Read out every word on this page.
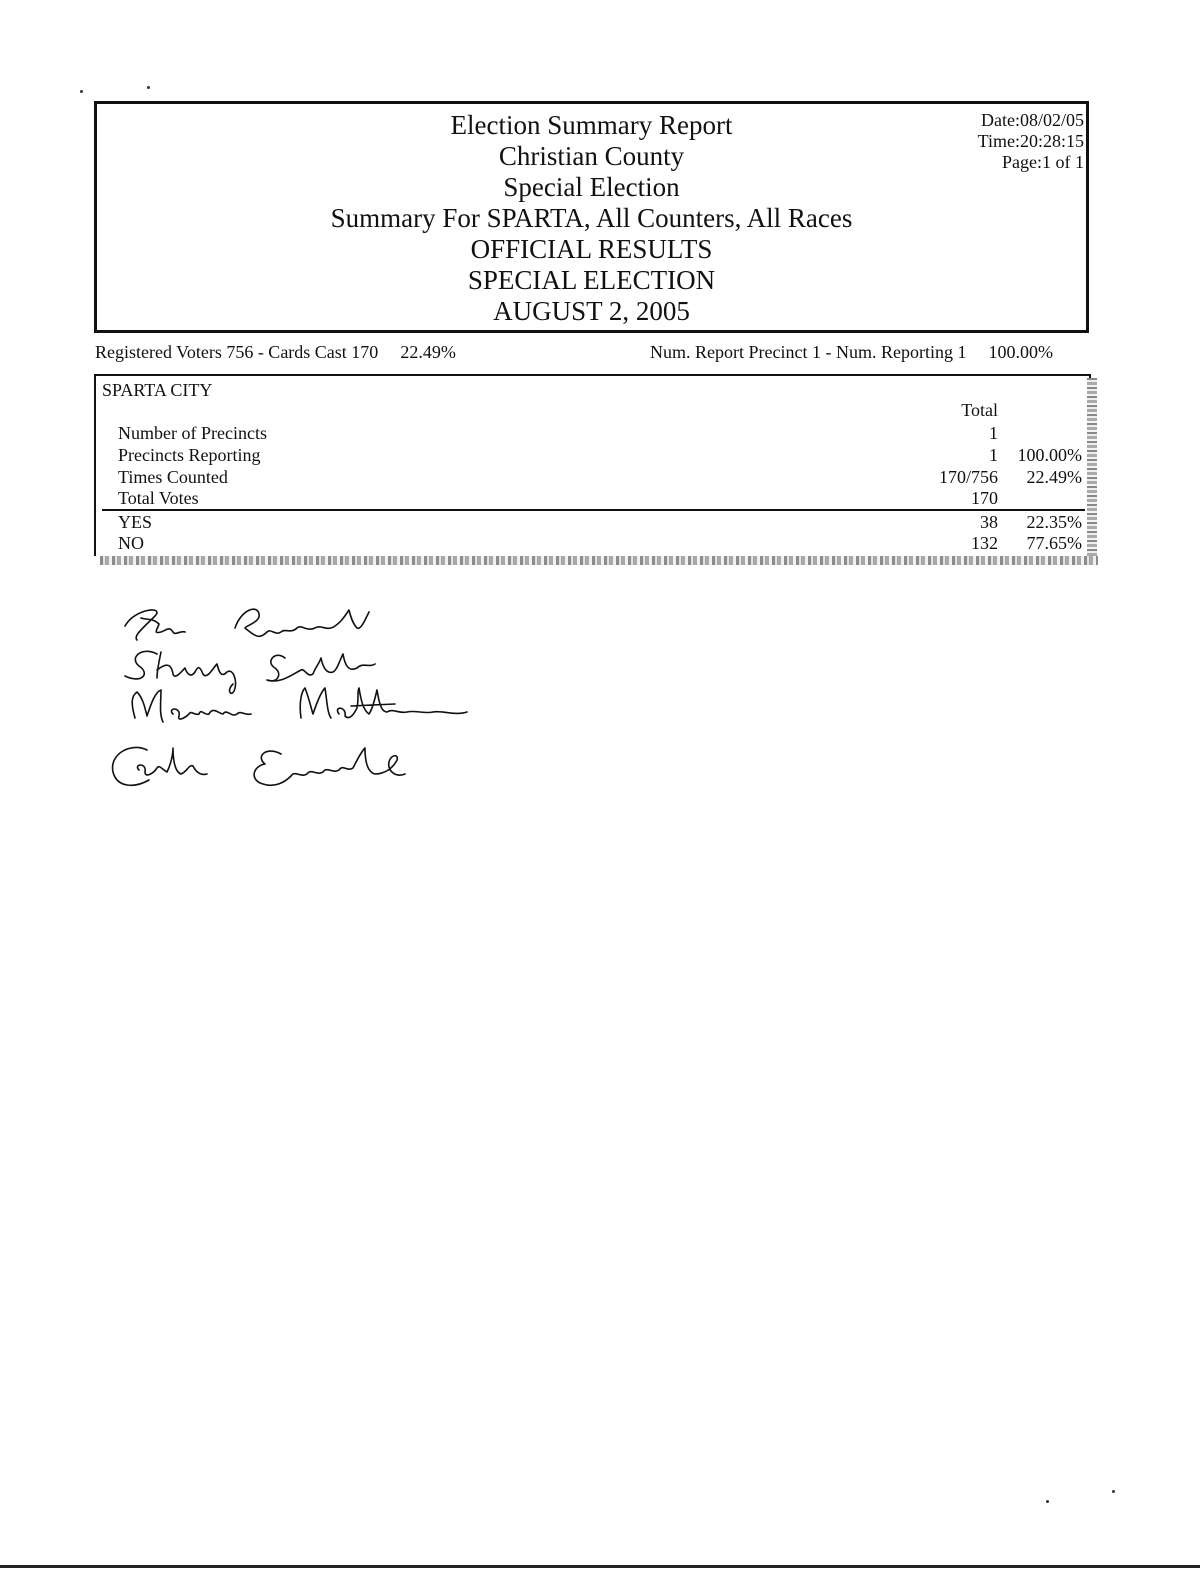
Election Summary Report
Christian County
Special Election
Summary For SPARTA, All Counters, All Races
OFFICIAL RESULTS
SPECIAL ELECTION
AUGUST 2, 2005
Date:08/02/05
Time:20:28:15
Page:1 of 1
Registered Voters 756 - Cards Cast 170 22.49%	Num. Report Precinct 1 - Num. Reporting 1 100.00%
SPARTA CITY
Total
Number of Precincts	1
Precincts Reporting	1 100.00%
Times Counted	170/756 22.49%
Total Votes	170
YES	38 22.35%
NO	132 77.65%
